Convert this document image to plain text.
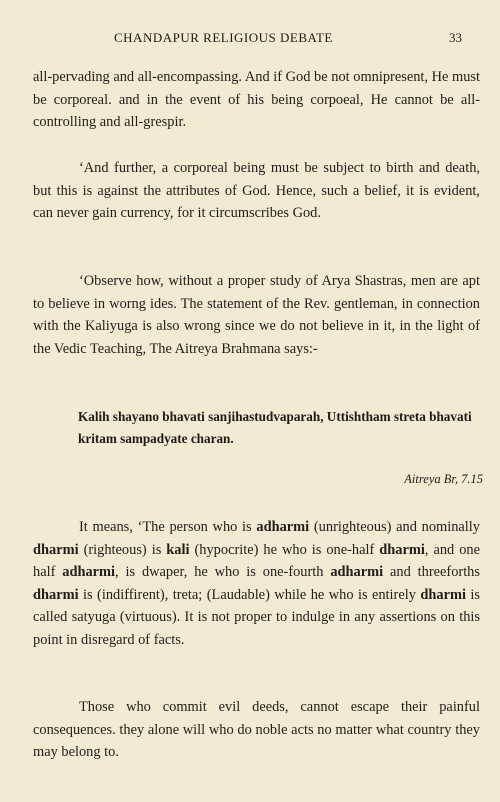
CHANDAPUR RELIGIOUS DEBATE	33
all-pervading and all-encompassing. And if God be not omnipresent, He must be corporeal. and in the event of his being corpoeal, He cannot be all-controlling and all-grespir.
‘And further, a corporeal being must be subject to birth and death, but this is against the attributes of God. Hence, such a belief, it is evident, can never gain currency, for it circumscribes God.
‘Observe how, without a proper study of Arya Shastras, men are apt to believe in worng ides. The statement of the Rev. gentleman, in connection with the Kaliyuga is also wrong since we do not believe in it, in the light of the Vedic Teaching, The Aitreya Brahmana says:-
Kalih shayano bhavati sanjihastudvaparah, Uttishtham streta bhavati kritam sampadyate charan.
Aitreya Br, 7.15
It means, ‘The person who is adharmi (unrighteous) and nominally dharmi (righteous) is kali (hypocrite) he who is one-half dharmi, and one half adharmi, is dwaper, he who is one-fourth adharmi and threeforths dharmi is (indiffirent), treta; (Laudable) while he who is entirely dharmi is called satyuga (virtuous). It is not proper to indulge in any assertions on this point in disregard of facts.
Those who commit evil deeds, cannot escape their painful consequences. they alone will who do noble acts no matter what country they may belong to.
